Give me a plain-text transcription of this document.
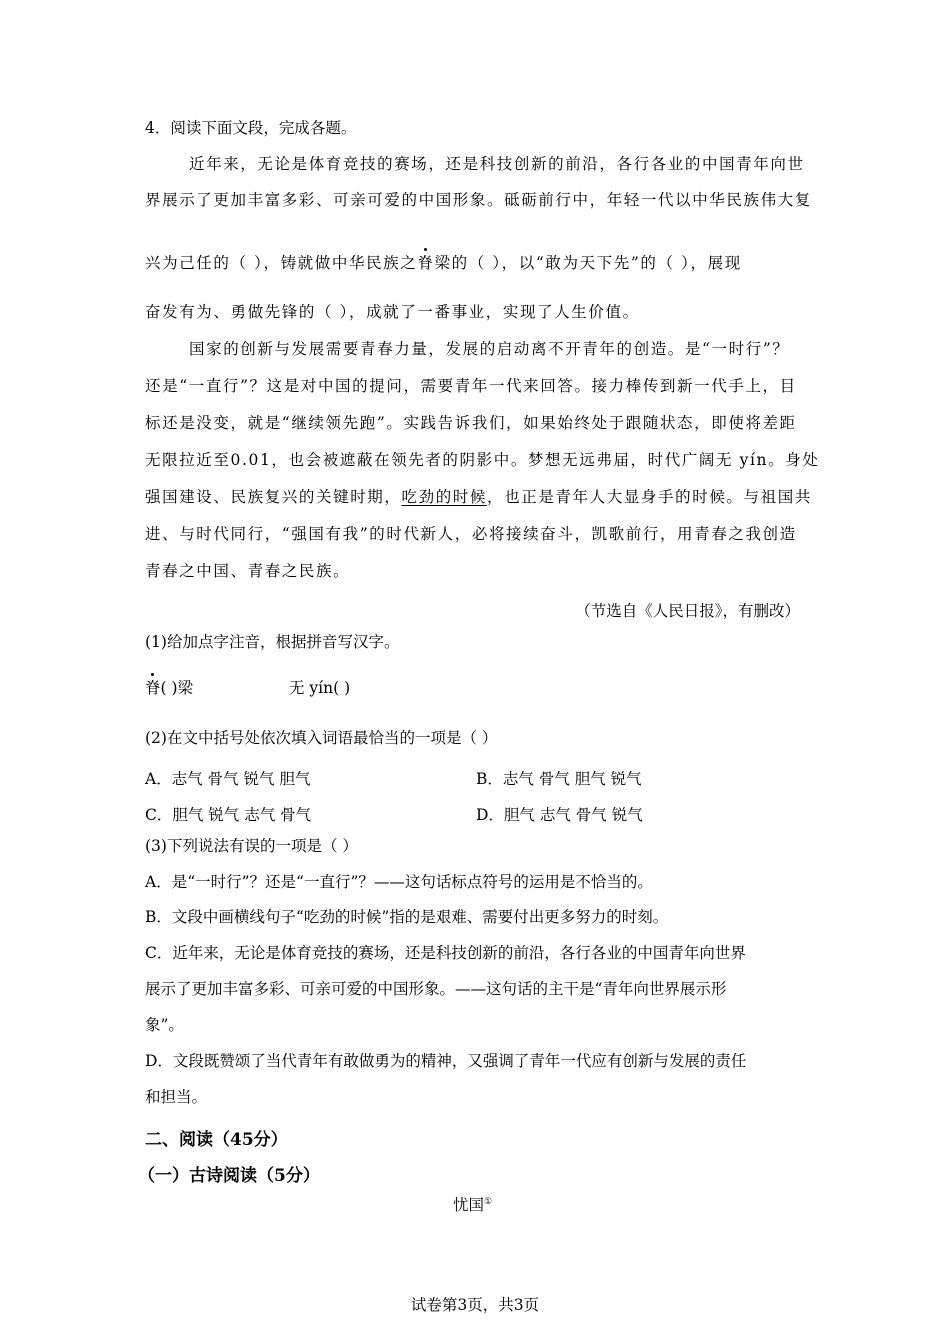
4．阅读下面文段，完成各题。
近年来，无论是体育竞技的赛场，还是科技创新的前沿，各行各业的中国青年向世
界展示了更加丰富多彩、可亲可爱的中国形象。砥砺前行中，年轻一代以中华民族伟大复
兴为己任的（ ），铸就做中华民族之脊梁的（ ），以“敢为天下先”的（ ），展现
奋发有为、勇做先锋的（ ），成就了一番事业，实现了人生价值。
国家的创新与发展需要青春力量，发展的启动离不开青年的创造。是“一时行”？
还是“一直行”？这是对中国的提问，需要青年一代来回答。接力棒传到新一代手上，目
标还是没变，就是“继续领先跑”。实践告诉我们，如果始终处于跟随状态，即使将差距
无限拉近至0.01，也会被遮蔽在领先者的阴影中。梦想无远弗届，时代广阔无 yín。身处
强国建设、民族复兴的关键时期，吃劲的时候，也正是青年人大显身手的时候。与祖国共
进、与时代同行，“强国有我”的时代新人，必将接续奋斗，凯歌前行，用青春之我创造
青春之中国、青春之民族。
（节选自《人民日报》，有删改）
(1)给加点字注音，根据拼音写汉字。
脊( )梁	无 yín( )
(2)在文中括号处依次填入词语最恰当的一项是（ ）
A．志气 骨气 锐气 胆气	B．志气 骨气 胆气 锐气
C．胆气 锐气 志气 骨气	D．胆气 志气 骨气 锐气
(3)下列说法有误的一项是（ ）
A．是“一时行”？还是“一直行”？——这句话标点符号的运用是不恰当的。
B．文段中画横线句子“吃劲的时候”指的是艰难、需要付出更多努力的时刻。
C．近年来，无论是体育竞技的赛场，还是科技创新的前沿，各行各业的中国青年向世界
展示了更加丰富多彩、可亲可爱的中国形象。——这句话的主干是“青年向世界展示形
象”。
D．文段既赞颂了当代青年有敢做勇为的精神，又强调了青年一代应有创新与发展的责任
和担当。
二、阅读（45分）
（一）古诗阅读（5分）
忧国①
试卷第3页，共3页
